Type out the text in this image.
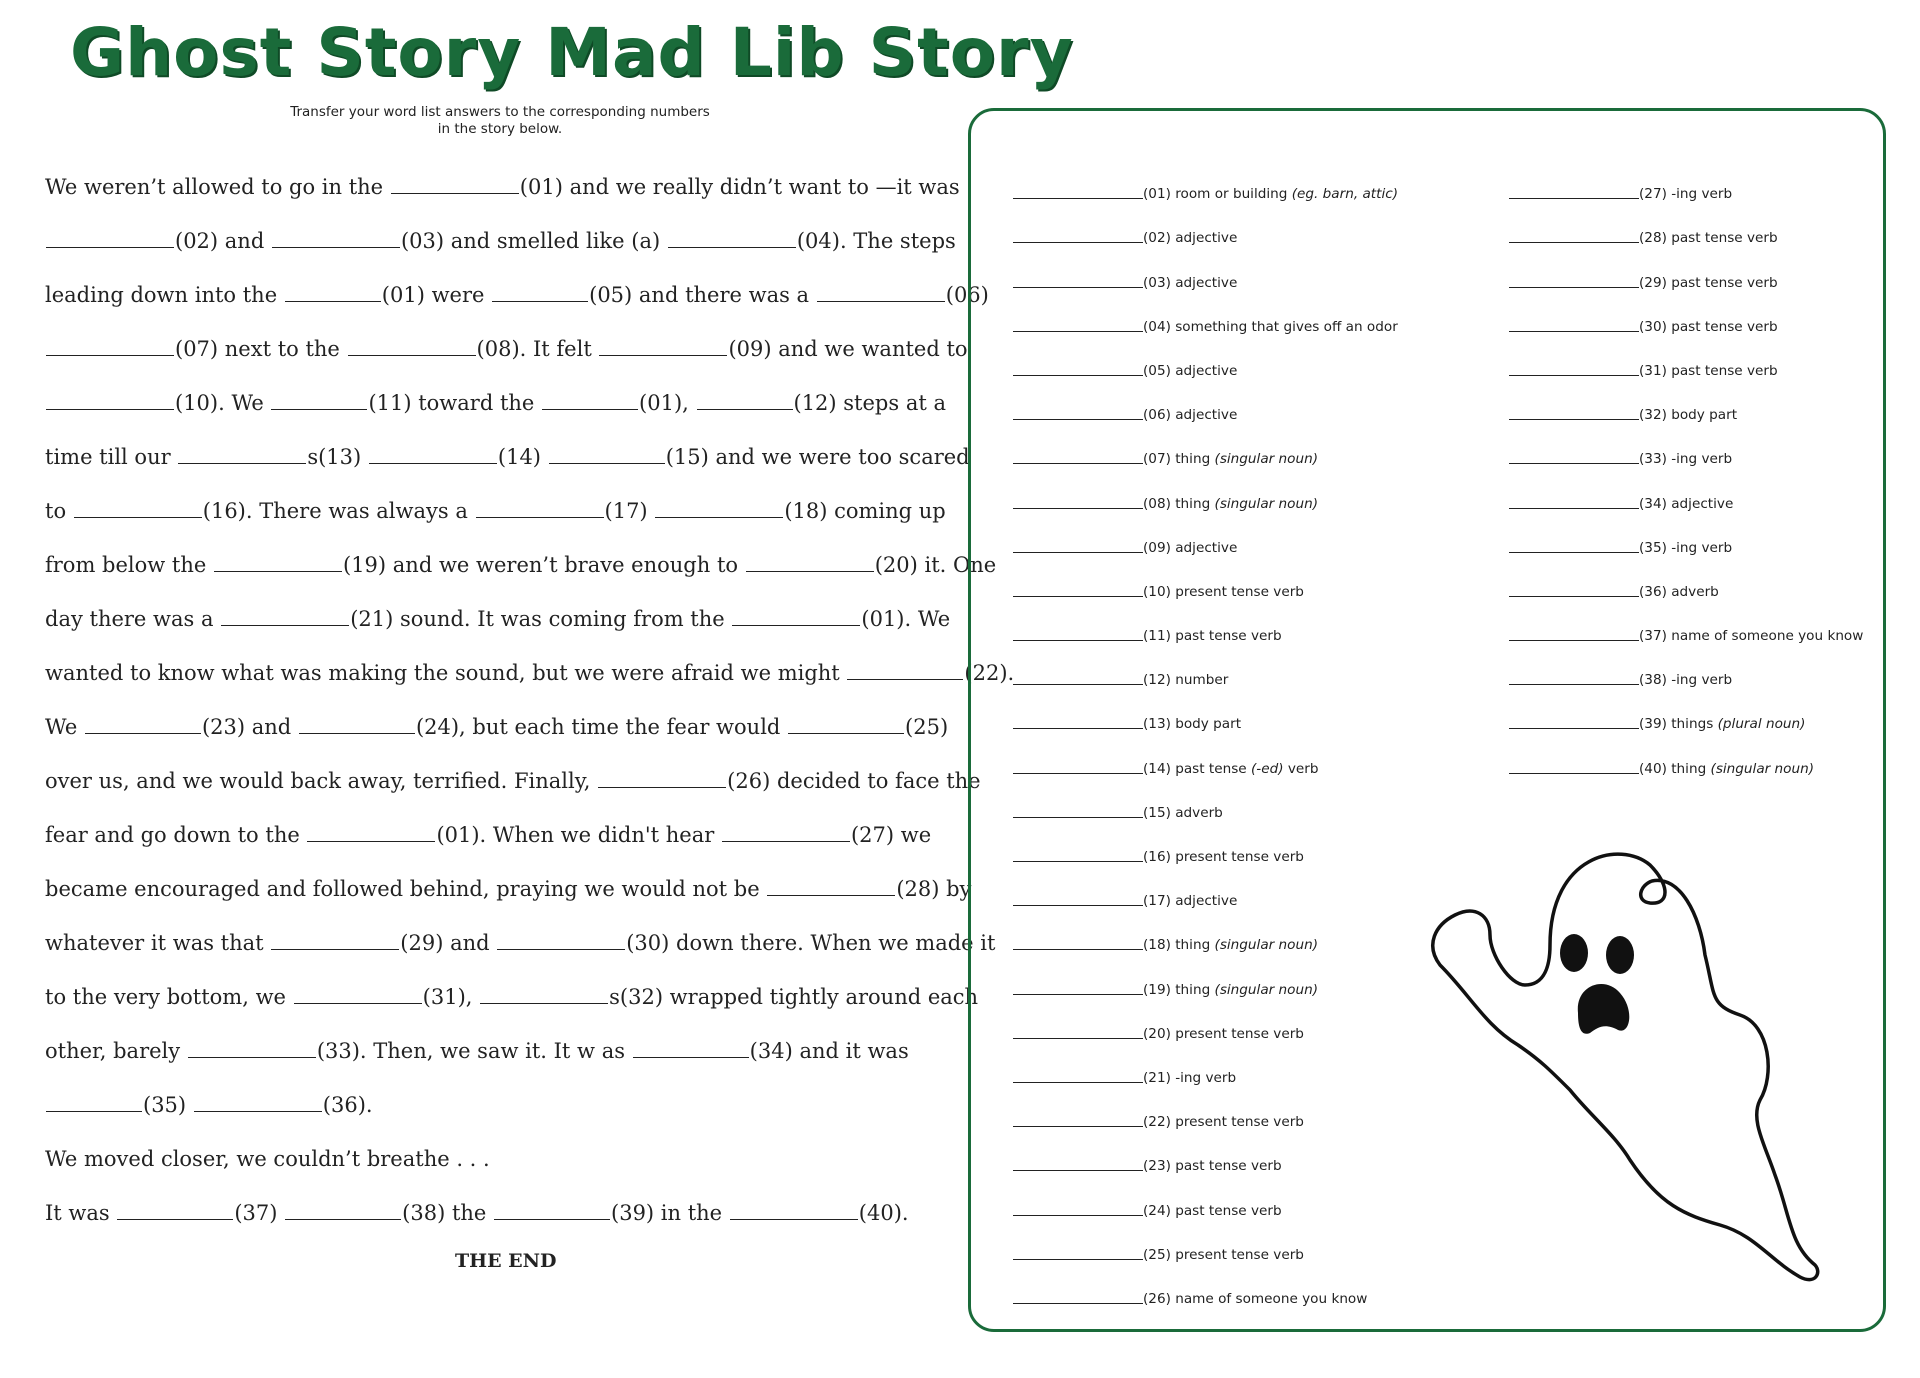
Ghost Story Mad Lib Story
Transfer your word list answers to the corresponding numbers
in the story below.
We weren’t allowed to go in the	(01) and we really didn’t want to —it was
(02) and	(03) and smelled like (a)	(04). The steps
leading down into the	(01) were	(05) and there was a	(06)
(07) next to the	(08). It felt	(09) and we wanted to
(10). We	(11) toward the	(01),	(12) steps at a
time till our	s(13)	(14)	(15) and we were too scared
to	(16). There was always a	(17)	(18) coming up
from below the	(19) and we weren’t brave enough to	(20) it. One
day there was a	(21) sound. It was coming from the	(01). We
wanted to know what was making the sound, but we were afraid we might	(22).
We	(23) and	(24), but each time the fear would	(25)
over us, and we would back away, terrified. Finally,	(26) decided to face the
fear and go down to the	(01). When we didn't hear	(27) we
became encouraged and followed behind, praying we would not be	(28) by
whatever it was that	(29) and	(30) down there. When we made it
to the very bottom, we	(31),	s(32) wrapped tightly around each
other, barely	(33). Then, we saw it. It w as	(34) and it was
(35)	(36).
We moved closer, we couldn’t breathe . . .
It was	(37)	(38) the	(39) in the	(40).
THE END
(01) room or building (eg. barn, attic)
(02) adjective
(03) adjective
(04) something that gives off an odor
(05) adjective
(06) adjective
(07) thing (singular noun)
(08) thing (singular noun)
(09) adjective
(10) present tense verb
(11) past tense verb
(12) number
(13) body part
(14) past tense (-ed) verb
(15) adverb
(16) present tense verb
(17) adjective
(18) thing (singular noun)
(19) thing (singular noun)
(20) present tense verb
(21) -ing verb
(22) present tense verb
(23) past tense verb
(24) past tense verb
(25) present tense verb
(26) name of someone you know
(27) -ing verb
(28) past tense verb
(29) past tense verb
(30) past tense verb
(31) past tense verb
(32) body part
(33) -ing verb
(34) adjective
(35) -ing verb
(36) adverb
(37) name of someone you know
(38) -ing verb
(39) things (plural noun)
(40) thing (singular noun)
